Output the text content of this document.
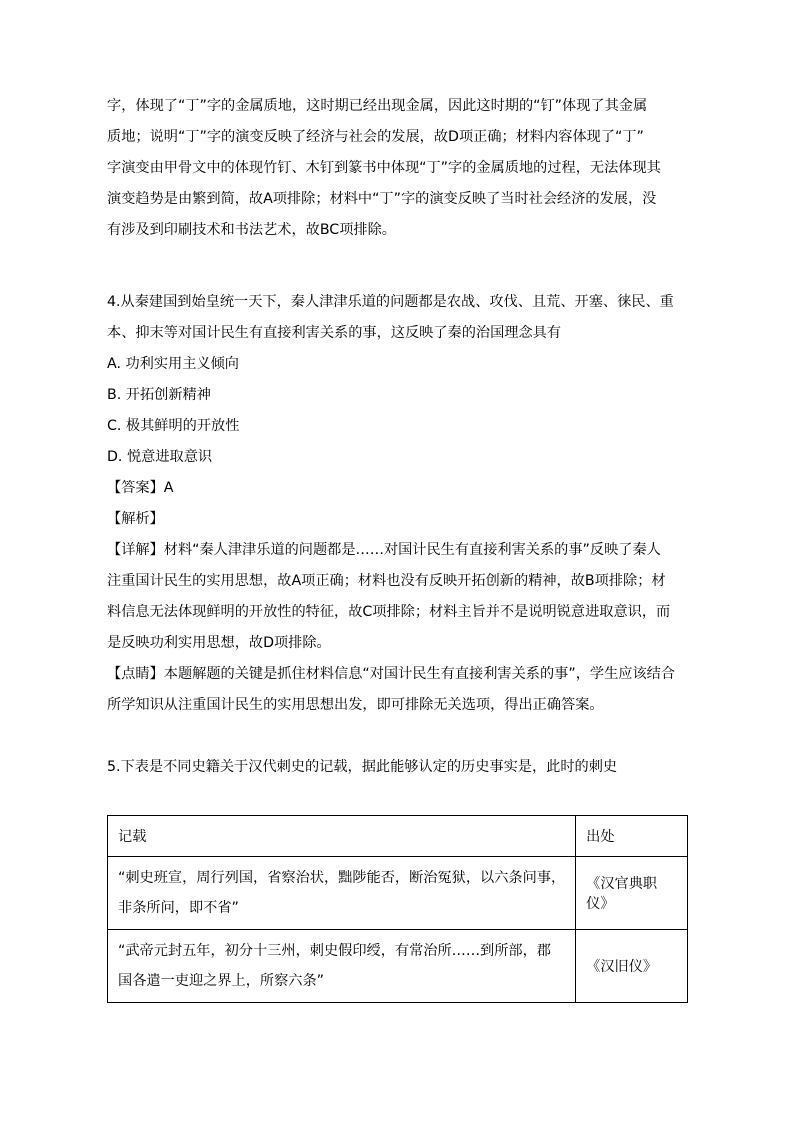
字，体现了“丁”字的金属质地，这时期已经出现金属，因此这时期的“钉”体现了其金属
质地；说明“丁”字的演变反映了经济与社会的发展，故D项正确；材料内容体现了“丁”
字演变由甲骨文中的体现竹钉、木钉到篆书中体现“丁”字的金属质地的过程，无法体现其
演变趋势是由繁到简，故A项排除；材料中“丁”字的演变反映了当时社会经济的发展，没
有涉及到印刷技术和书法艺术，故BC项排除。
4.从秦建国到始皇统一天下，秦人津津乐道的问题都是农战、攻伐、且荒、开塞、徕民、重
本、抑末等对国计民生有直接利害关系的事，这反映了秦的治国理念具有
A. 功利实用主义倾向
B. 开拓创新精神
C. 极其鲜明的开放性
D. 悦意进取意识
【答案】A
【解析】
【详解】材料“秦人津津乐道的问题都是……对国计民生有直接利害关系的事”反映了秦人
注重国计民生的实用思想，故A项正确；材料也没有反映开拓创新的精神，故B项排除；材
料信息无法体现鲜明的开放性的特征，故C项排除；材料主旨并不是说明锐意进取意识，而
是反映功利实用思想，故D项排除。
【点睛】本题解题的关键是抓住材料信息“对国计民生有直接利害关系的事”，学生应该结合
所学知识从注重国计民生的实用思想出发，即可排除无关选项，得出正确答案。
5.下表是不同史籍关于汉代刺史的记载，据此能够认定的历史事实是，此时的刺史
记载	出处

“刺史班宣，周行列国，省察治状，黜陟能否，断治冤狱，以六条问事，
非条所问，即不省”	《汉官典职仪》

“武帝元封五年，初分十三州，刺史假印绶，有常治所……到所部，郡
国各遣一吏迎之界上，所察六条”	《汉旧仪》
